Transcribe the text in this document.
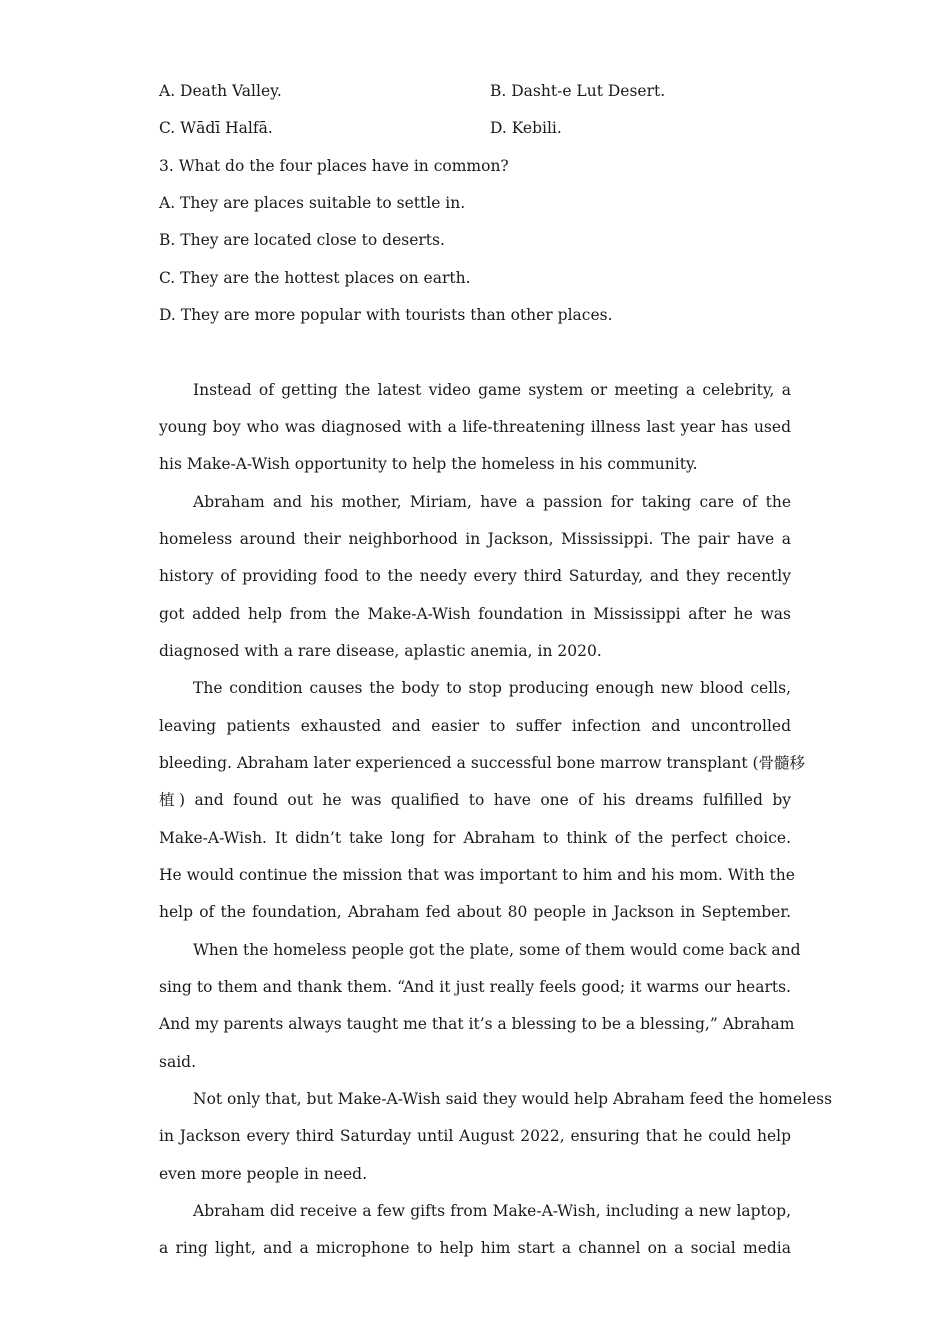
A. Death Valley.	B. Dasht-e Lut Desert.
C. Wādī Halfā.	D. Kebili.
3. What do the four places have in common?
A. They are places suitable to settle in.
B. They are located close to deserts.
C. They are the hottest places on earth.
D. They are more popular with tourists than other places.
Instead of getting the latest video game system or meeting a celebrity, a
young boy who was diagnosed with a life-threatening illness last year has used
his Make-A-Wish opportunity to help the homeless in his community.
Abraham and his mother, Miriam, have a passion for taking care of the
homeless around their neighborhood in Jackson, Mississippi. The pair have a
history of providing food to the needy every third Saturday, and they recently
got added help from the Make-A-Wish foundation in Mississippi after he was
diagnosed with a rare disease, aplastic anemia, in 2020.
The condition causes the body to stop producing enough new blood cells,
leaving patients exhausted and easier to suffer infection and uncontrolled
bleeding. Abraham later experienced a successful bone marrow transplant (骨髓移
植) and found out he was qualified to have one of his dreams fulfilled by
Make-A-Wish. It didn’t take long for Abraham to think of the perfect choice.
He would continue the mission that was important to him and his mom. With the
help of the foundation, Abraham fed about 80 people in Jackson in September.
When the homeless people got the plate, some of them would come back and
sing to them and thank them. “And it just really feels good; it warms our hearts.
And my parents always taught me that it’s a blessing to be a blessing,” Abraham
said.
Not only that, but Make-A-Wish said they would help Abraham feed the homeless
in Jackson every third Saturday until August 2022, ensuring that he could help
even more people in need.
Abraham did receive a few gifts from Make-A-Wish, including a new laptop,
a ring light, and a microphone to help him start a channel on a social media
